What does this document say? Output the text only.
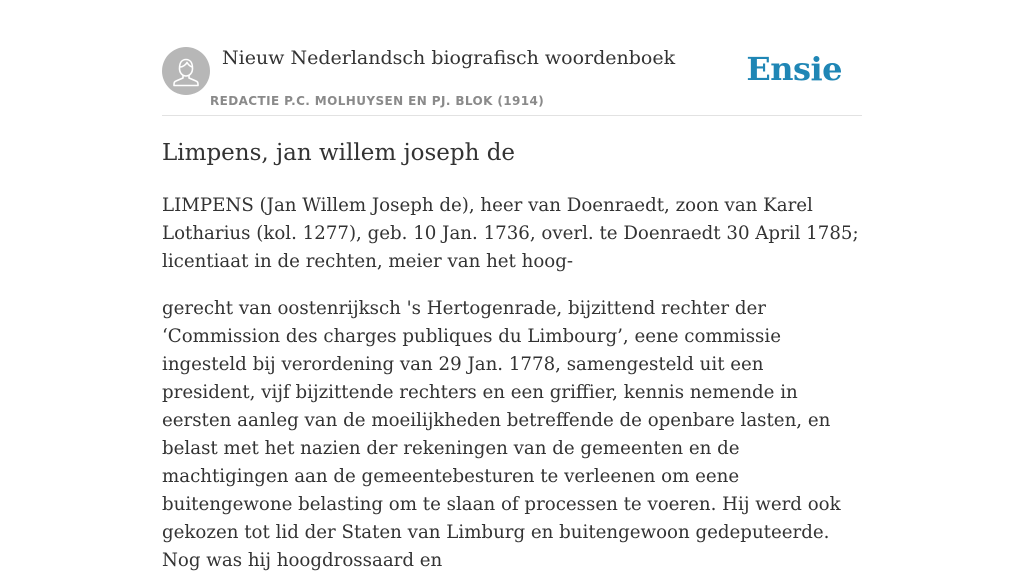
Nieuw Nederlandsch biografisch woordenboek
REDACTIE P.C. MOLHUYSEN EN PJ. BLOK (1914)
Ensie
Limpens, jan willem joseph de

LIMPENS (Jan Willem Joseph de), heer van Doenraedt, zoon van Karel Lotharius (kol. 1277), geb. 10 Jan. 1736, overl. te Doenraedt 30 April 1785; licentiaat in de rechten, meier van het hoog-

gerecht van oostenrijksch 's Hertogenrade, bijzittend rechter der ‘Commission des charges publiques du Limbourg’, eene commissie ingesteld bij verordening van 29 Jan. 1778, samengesteld uit een president, vijf bijzittende rechters en een griffier, kennis nemende in eersten aanleg van de moeilijkheden betreffende de openbare lasten, en belast met het nazien der rekeningen van de gemeenten en de machtigingen aan de gemeentebesturen te verleenen om eene buitengewone belasting om te slaan of processen te voeren. Hij werd ook gekozen tot lid der Staten van Limburg en buitengewoon gedeputeerde. Nog was hij hoogdrossaard en
